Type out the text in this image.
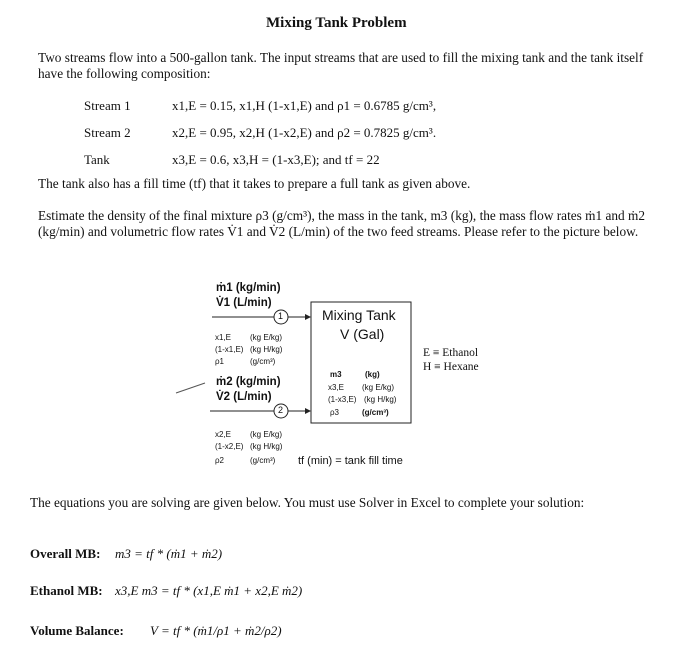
Mixing Tank Problem
Two streams flow into a 500-gallon tank. The input streams that are used to fill the mixing tank and the tank itself have the following composition:
Stream 1	x1,E = 0.15, x1,H (1-x1,E) and ρ1 = 0.6785 g/cm³,
Stream 2	x2,E = 0.95, x2,H (1-x2,E) and ρ2 = 0.7825 g/cm³.
Tank	x3,E = 0.6, x3,H = (1-x3,E); and tf = 22
The tank also has a fill time (tf) that it takes to prepare a full tank as given above.
Estimate the density of the final mixture ρ3 (g/cm³), the mass in the tank, m3 (kg), the mass flow rates ṁ1 and ṁ2 (kg/min) and volumetric flow rates V̇1 and V̇2 (L/min) of the two feed streams. Please refer to the picture below.
1
2
ṁ1 (kg/min)
V̇1 (L/min)
x1,E (kg E/kg)
(1-x1,E) (kg H/kg)
ρ1	(g/cm³)
Mixing Tank
V (Gal)
m3	(kg)
x3,E (kg E/kg)
(1-x3,E) (kg H/kg)
ρ3	(g/cm³)
ṁ2 (kg/min)
V̇2 (L/min)
x2,E (kg E/kg)
(1-x2,E) (kg H/kg)
ρ2	(g/cm³) tf (min) = tank fill time
E ≡ Ethanol
H ≡ Hexane
The equations you are solving are given below. You must use Solver in Excel to complete your solution:
Overall MB: m3 = tf * (ṁ1 + ṁ2)
Ethanol MB: x3,E m3 = tf * (x1,E ṁ1 + x2,E ṁ2)
Volume Balance: V = tf * (ṁ1/ρ1 + ṁ2/ρ2)
